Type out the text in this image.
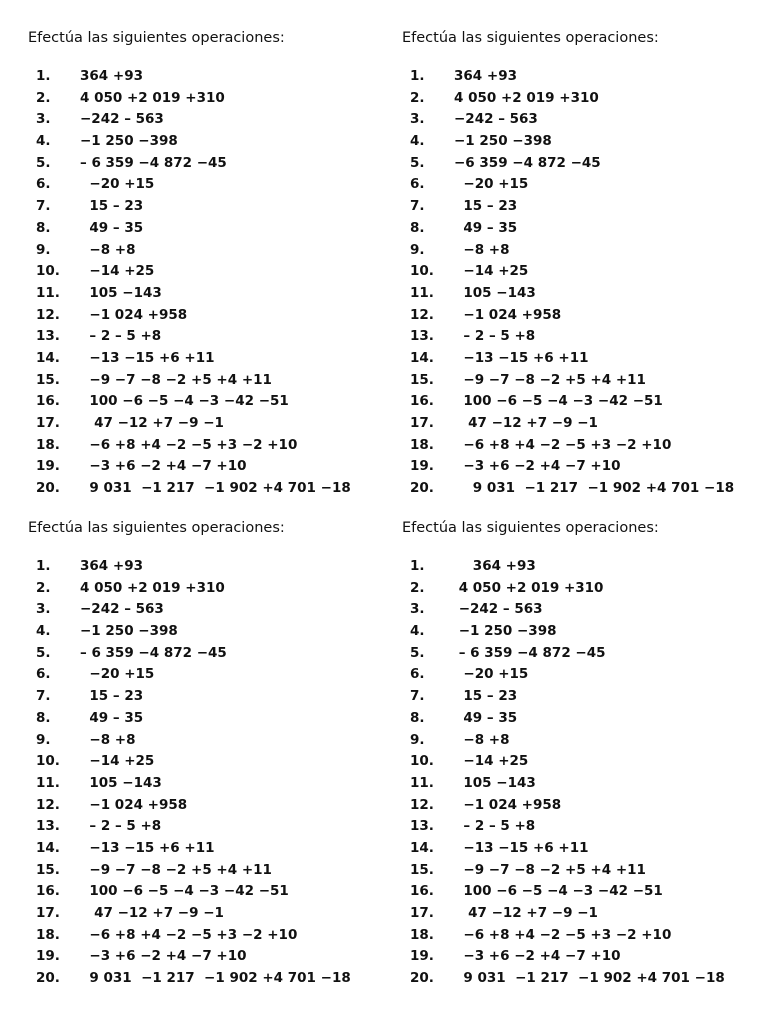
Efectúa las siguientes operaciones:
1.	364 +93
2.	4 050 +2 019 +310
3.	−242 – 563
4.	−1 250 −398
5.	– 6 359 −4 872 −45
6.	−20 +15
7.	15 – 23
8.	49 – 35
9.	−8 +8
10.	−14 +25
11.	105 −143
12.	−1 024 +958
13.	– 2 – 5 +8
14.	−13 −15 +6 +11
15.	−9 −7 −8 −2 +5 +4 +11
16.	100 −6 −5 −4 −3 −42 −51
17.	47 −12 +7 −9 −1
18.	−6 +8 +4 −2 −5 +3 −2 +10
19.	−3 +6 −2 +4 −7 +10
20.	9 031  −1 217  −1 902 +4 701 −18
Efectúa las siguientes operaciones:
1.	364 +93
2.	4 050 +2 019 +310
3.	−242 – 563
4.	−1 250 −398
5.	−6 359 −4 872 −45
6.	−20 +15
7.	15 – 23
8.	49 – 35
9.	−8 +8
10.	−14 +25
11.	105 −143
12.	−1 024 +958
13.	– 2 – 5 +8
14.	−13 −15 +6 +11
15.	−9 −7 −8 −2 +5 +4 +11
16.	100 −6 −5 −4 −3 −42 −51
17.	47 −12 +7 −9 −1
18.	−6 +8 +4 −2 −5 +3 −2 +10
19.	−3 +6 −2 +4 −7 +10
20.	9 031  −1 217  −1 902 +4 701 −18
Efectúa las siguientes operaciones:
1.	364 +93
2.	4 050 +2 019 +310
3.	−242 – 563
4.	−1 250 −398
5.	– 6 359 −4 872 −45
6.	−20 +15
7.	15 – 23
8.	49 – 35
9.	−8 +8
10.	−14 +25
11.	105 −143
12.	−1 024 +958
13.	– 2 – 5 +8
14.	−13 −15 +6 +11
15.	−9 −7 −8 −2 +5 +4 +11
16.	100 −6 −5 −4 −3 −42 −51
17.	47 −12 +7 −9 −1
18.	−6 +8 +4 −2 −5 +3 −2 +10
19.	−3 +6 −2 +4 −7 +10
20.	9 031  −1 217  −1 902 +4 701 −18
Efectúa las siguientes operaciones:
1.	364 +93
2.	4 050 +2 019 +310
3.	−242 – 563
4.	−1 250 −398
5.	– 6 359 −4 872 −45
6.	−20 +15
7.	15 – 23
8.	49 – 35
9.	−8 +8
10.	−14 +25
11.	105 −143
12.	−1 024 +958
13.	– 2 – 5 +8
14.	−13 −15 +6 +11
15.	−9 −7 −8 −2 +5 +4 +11
16.	100 −6 −5 −4 −3 −42 −51
17.	47 −12 +7 −9 −1
18.	−6 +8 +4 −2 −5 +3 −2 +10
19.	−3 +6 −2 +4 −7 +10
20.	9 031  −1 217  −1 902 +4 701 −18
